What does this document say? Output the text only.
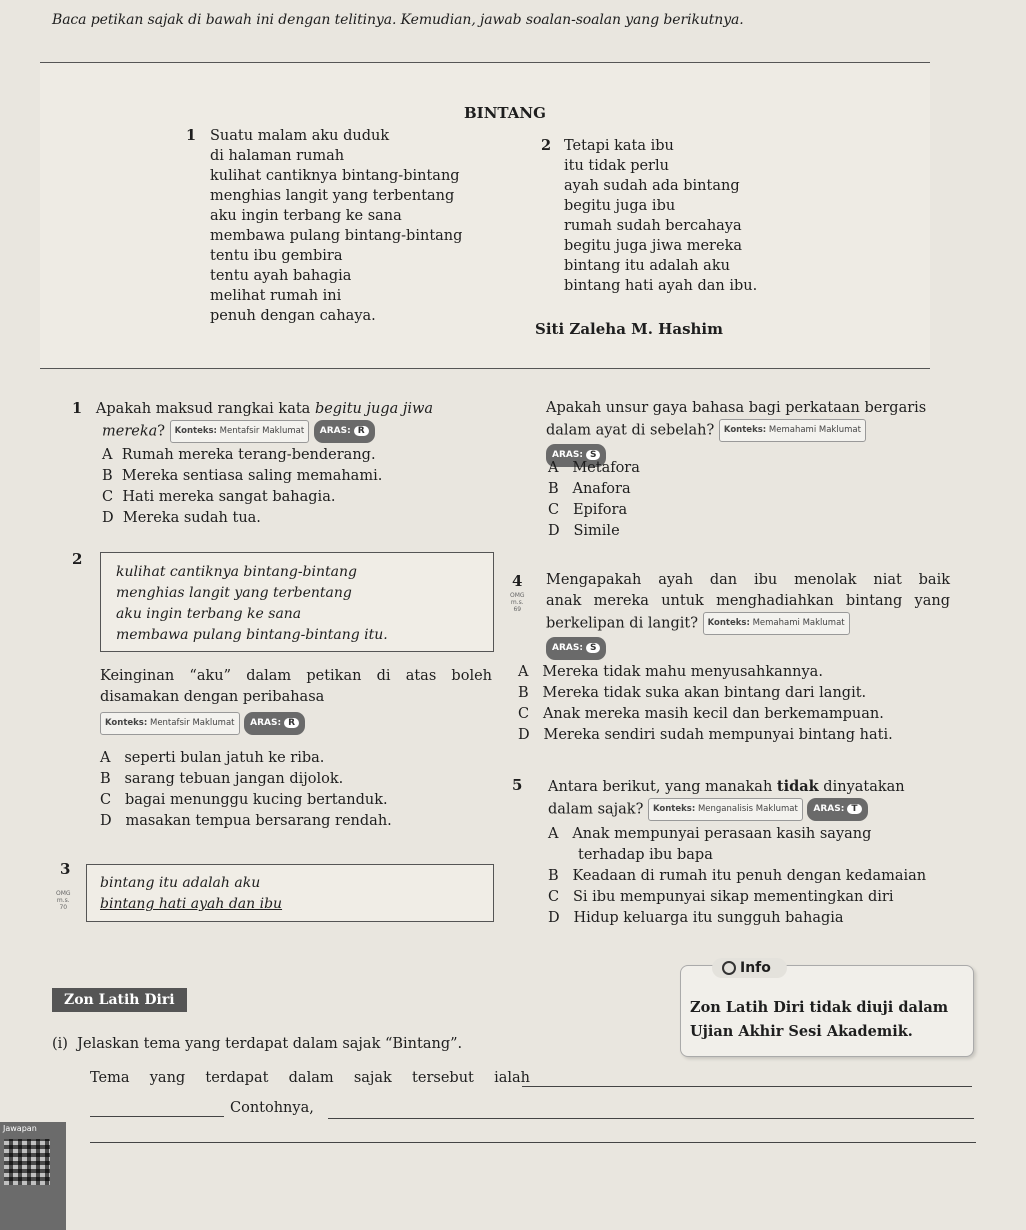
Baca petikan sajak di bawah ini dengan telitinya. Kemudian, jawab soalan-soalan yang berikutnya.
BINTANG
1 Suatu malam aku duduk
di halaman rumah
kulihat cantiknya bintang-bintang
menghias langit yang terbentang
aku ingin terbang ke sana
membawa pulang bintang-bintang
tentu ibu gembira
tentu ayah bahagia
melihat rumah ini
penuh dengan cahaya.
2 Tetapi kata ibu
itu tidak perlu
ayah sudah ada bintang
begitu juga ibu
rumah sudah bercahaya
begitu juga jiwa mereka
bintang itu adalah aku
bintang hati ayah dan ibu.
Siti Zaleha M. Hashim
1 Apakah maksud rangkai kata begitu juga jiwa
mereka? Konteks: Mentafsir Maklumat ARAS: R
A Rumah mereka terang-benderang.
B Mereka sentiasa saling memahami.
C Hati mereka sangat bahagia.
D Mereka sudah tua.
2
kulihat cantiknya bintang-bintang
menghias langit yang terbentang
aku ingin terbang ke sana
membawa pulang bintang-bintang itu.
Keinginan “aku” dalam petikan di atas boleh
disamakan dengan peribahasa
Konteks: Mentafsir Maklumat ARAS: R
A seperti bulan jatuh ke riba.
B sarang tebuan jangan dijolok.
C bagai menunggu kucing bertanduk.
D masakan tempua bersarang rendah.
3
OMG
m.s.
70
bintang itu adalah aku
bintang hati ayah dan ibu
Apakah unsur gaya bahasa bagi perkataan bergaris
dalam ayat di sebelah? Konteks: Memahami Maklumat
ARAS: S
A Metafora
B Anafora
C Epifora
D Simile
4
OMG
m.s.
69
Mengapakah ayah dan ibu menolak niat baik
anak mereka untuk menghadiahkan bintang yang
berkelipan di langit? Konteks: Memahami Maklumat
ARAS: S
A Mereka tidak mahu menyusahkannya.
B Mereka tidak suka akan bintang dari langit.
C Anak mereka masih kecil dan berkemampuan.
D Mereka sendiri sudah mempunyai bintang hati.
5 Antara berikut, yang manakah tidak dinyatakan
dalam sajak? Konteks: Menganalisis Maklumat ARAS: T
A Anak mempunyai perasaan kasih sayang
terhadap ibu bapa
B Keadaan di rumah itu penuh dengan kedamaian
C Si ibu mempunyai sikap mementingkan diri
D Hidup keluarga itu sungguh bahagia
Info
Zon Latih Diri tidak diuji dalam
Ujian Akhir Sesi Akademik.
Zon Latih Diri
(i) Jelaskan tema yang terdapat dalam sajak “Bintang”.
Tema yang terdapat dalam sajak tersebut ialah
Contohnya,
Jawapan
